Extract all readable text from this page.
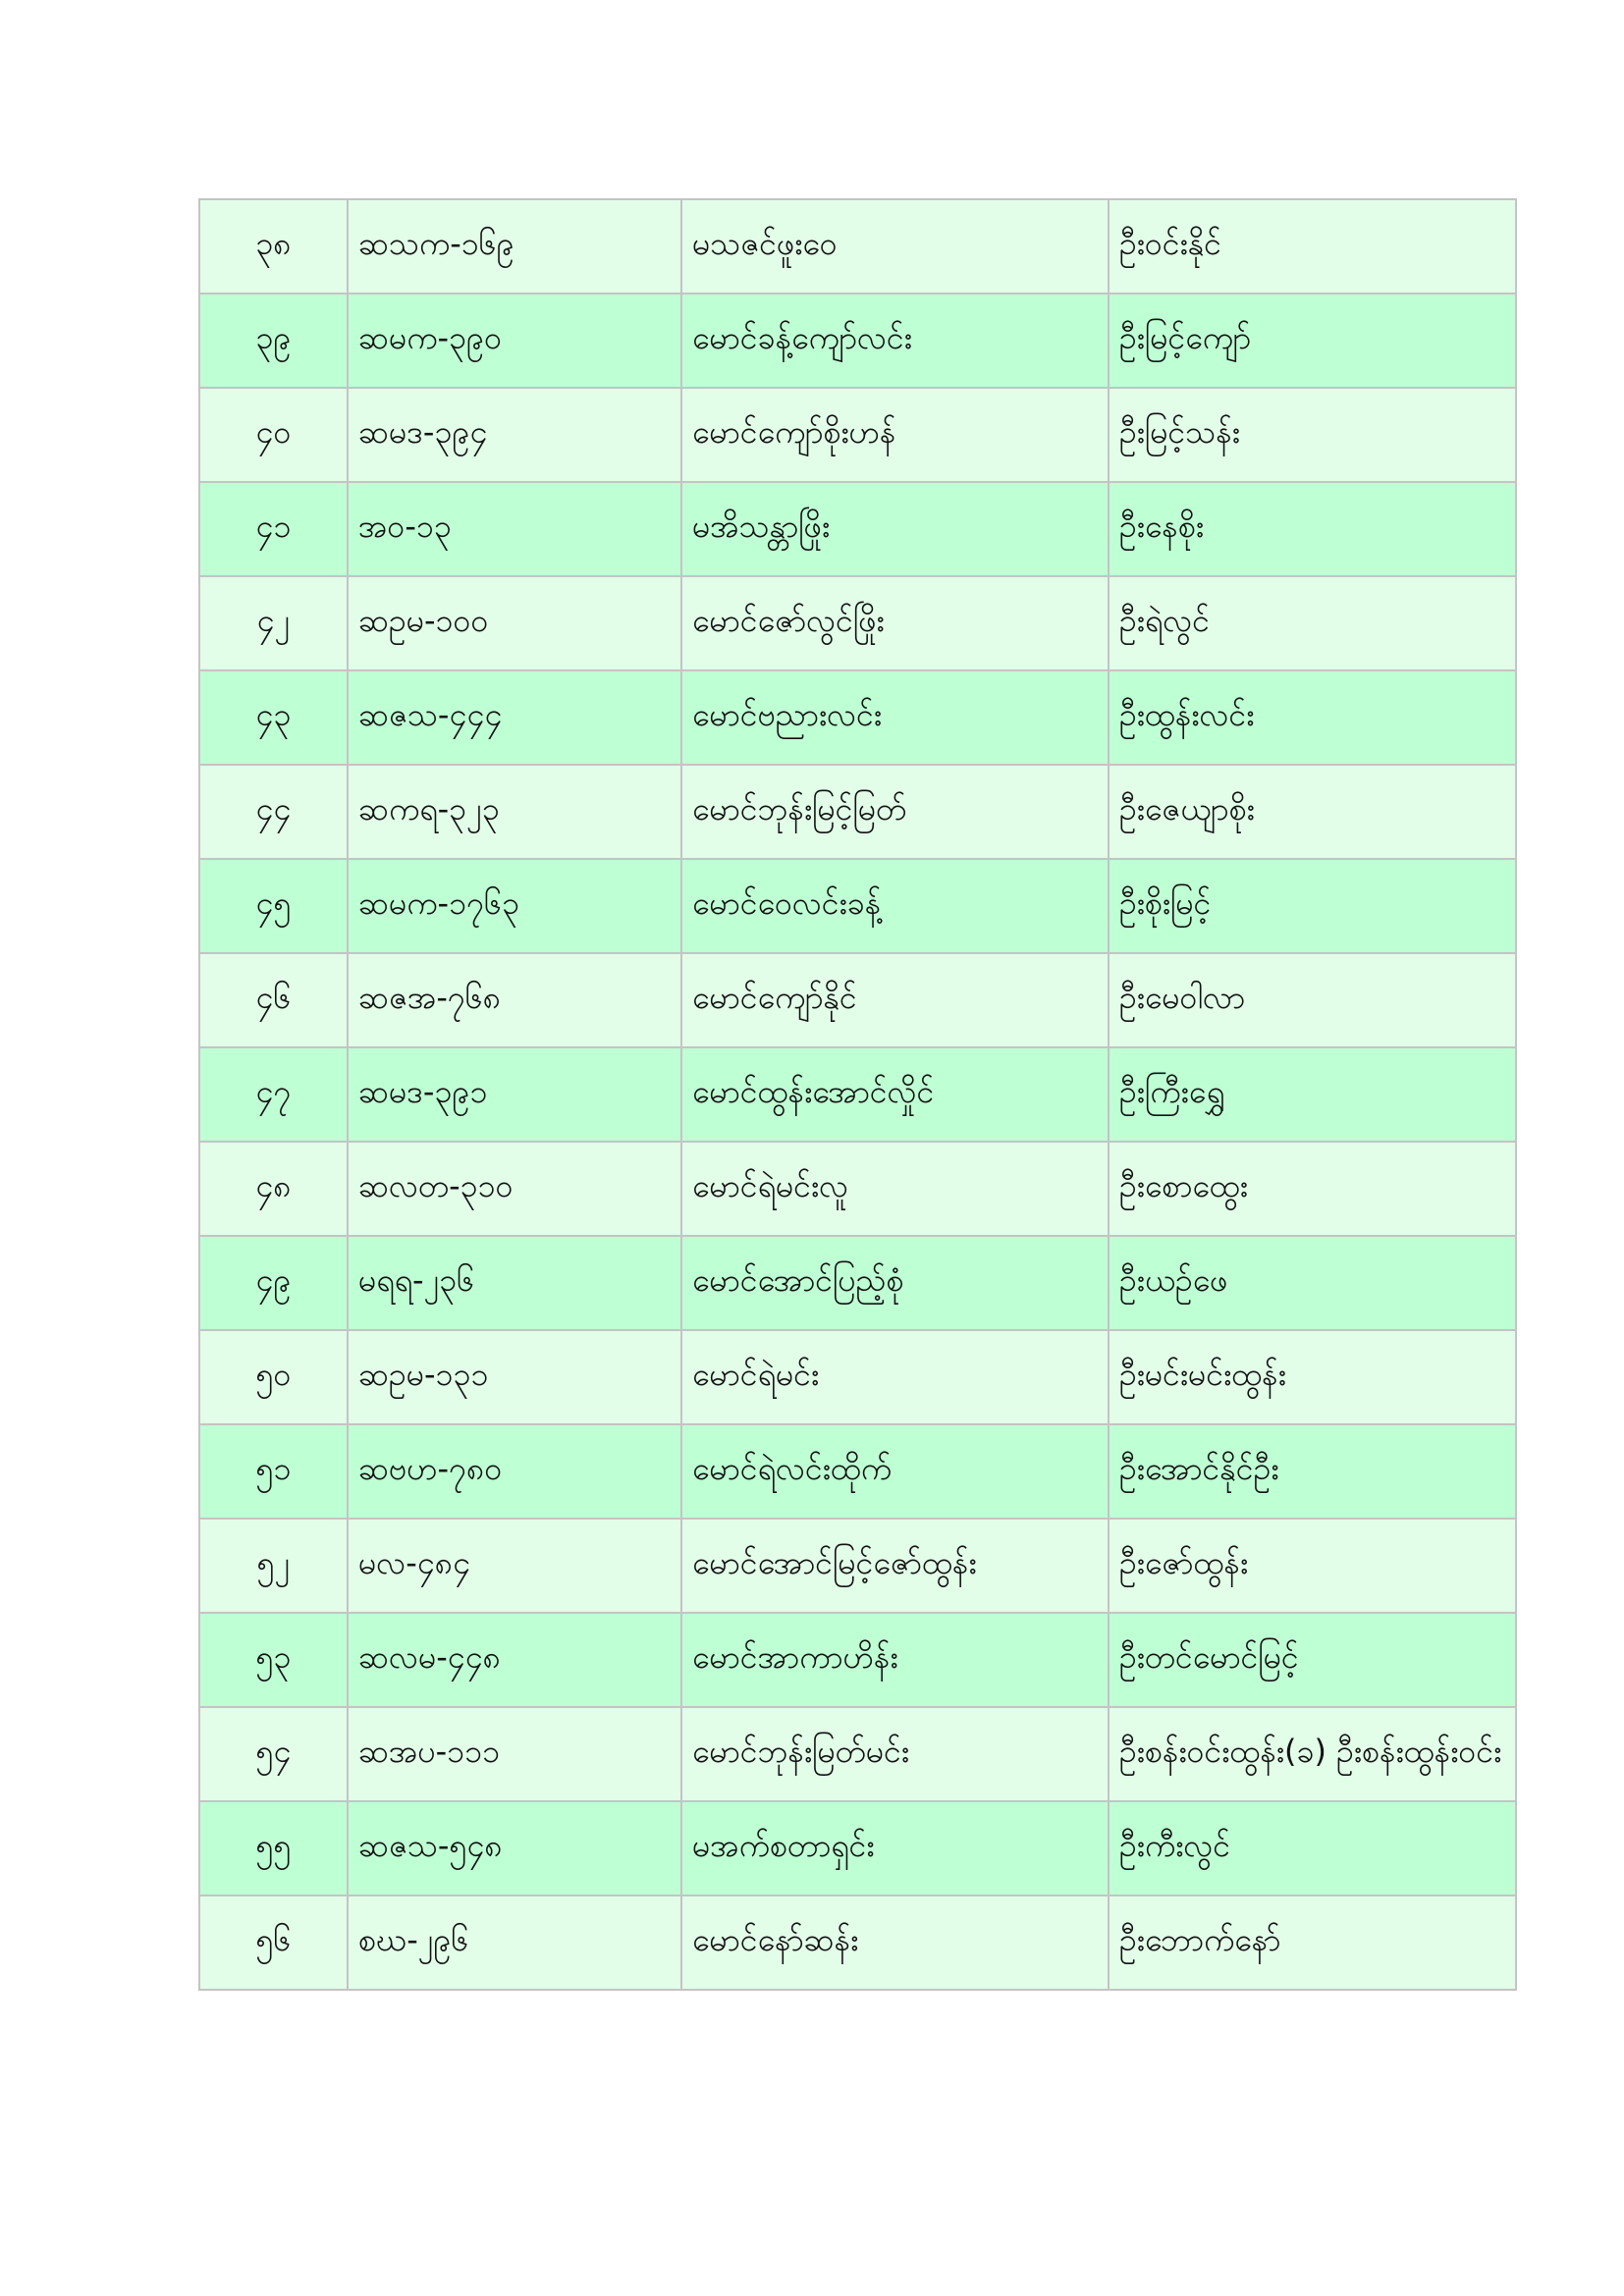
၃၈	ဆသက-၁၆၉	မသဇင်ဖူးဝေ	ဦးဝင်းနိုင်
၃၉	ဆမက-၃၉၀	မောင်ခန့်ကျော်လင်း	ဦးမြင့်ကျော်
၄၀	ဆမဒ-၃၉၄	မောင်ကျော်စိုးဟန်	ဦးမြင့်သန်း
၄၁	အဝ-၁၃	မအိသန္တာဖြိုး	ဦးနေစိုး
၄၂	ဆဥမ-၁၀၀	မောင်ဇော်လွင်ဖြိုး	ဦးရဲလွင်
၄၃	ဆဇသ-၄၄၄	မောင်ဗညားလင်း	ဦးထွန်းလင်း
၄၄	ဆကရ-၃၂၃	မောင်ဘုန်းမြင့်မြတ်	ဦးဇေယျာစိုး
၄၅	ဆမက-၁၇၆၃	မောင်ဝေလင်းခန့်	ဦးစိုးမြင့်
၄၆	ဆဇအ-၇၆၈	မောင်ကျော်နိုင်	ဦးမေဝါလာ
၄၇	ဆမဒ-၃၉၁	မောင်ထွန်းအောင်လှိုင်	ဦးကြီးရွှေ
၄၈	ဆလတ-၃၁၀	မောင်ရဲမင်းလူ	ဦးစောထွေး
၄၉	မရရ-၂၃၆	မောင်အောင်ပြည့်စုံ	ဦးယဉ်ဖေ
၅၀	ဆဥမ-၁၃၁	မောင်ရဲမင်း	ဦးမင်းမင်းထွန်း
၅၁	ဆဗဟ-၇၈၀	မောင်ရဲလင်းထိုက်	ဦးအောင်နိုင်ဦး
၅၂	မလ-၄၈၄	မောင်အောင်မြင့်ဇော်ထွန်း	ဦးဇော်ထွန်း
၅၃	ဆလမ-၄၄၈	မောင်အာကာဟိန်း	ဦးတင်မောင်မြင့်
၅၄	ဆအပ-၁၁၁	မောင်ဘုန်းမြတ်မင်း	ဦးစန်းဝင်းထွန်း(ခ) ဦးစန်းထွန်းဝင်း
၅၅	ဆဇသ-၅၄၈	မအက်စတာရှင်း	ဦးကီးလွင်
၅၆	စဃ-၂၉၆	မောင်နော်ဆန်း	ဦးဘောက်နော်
